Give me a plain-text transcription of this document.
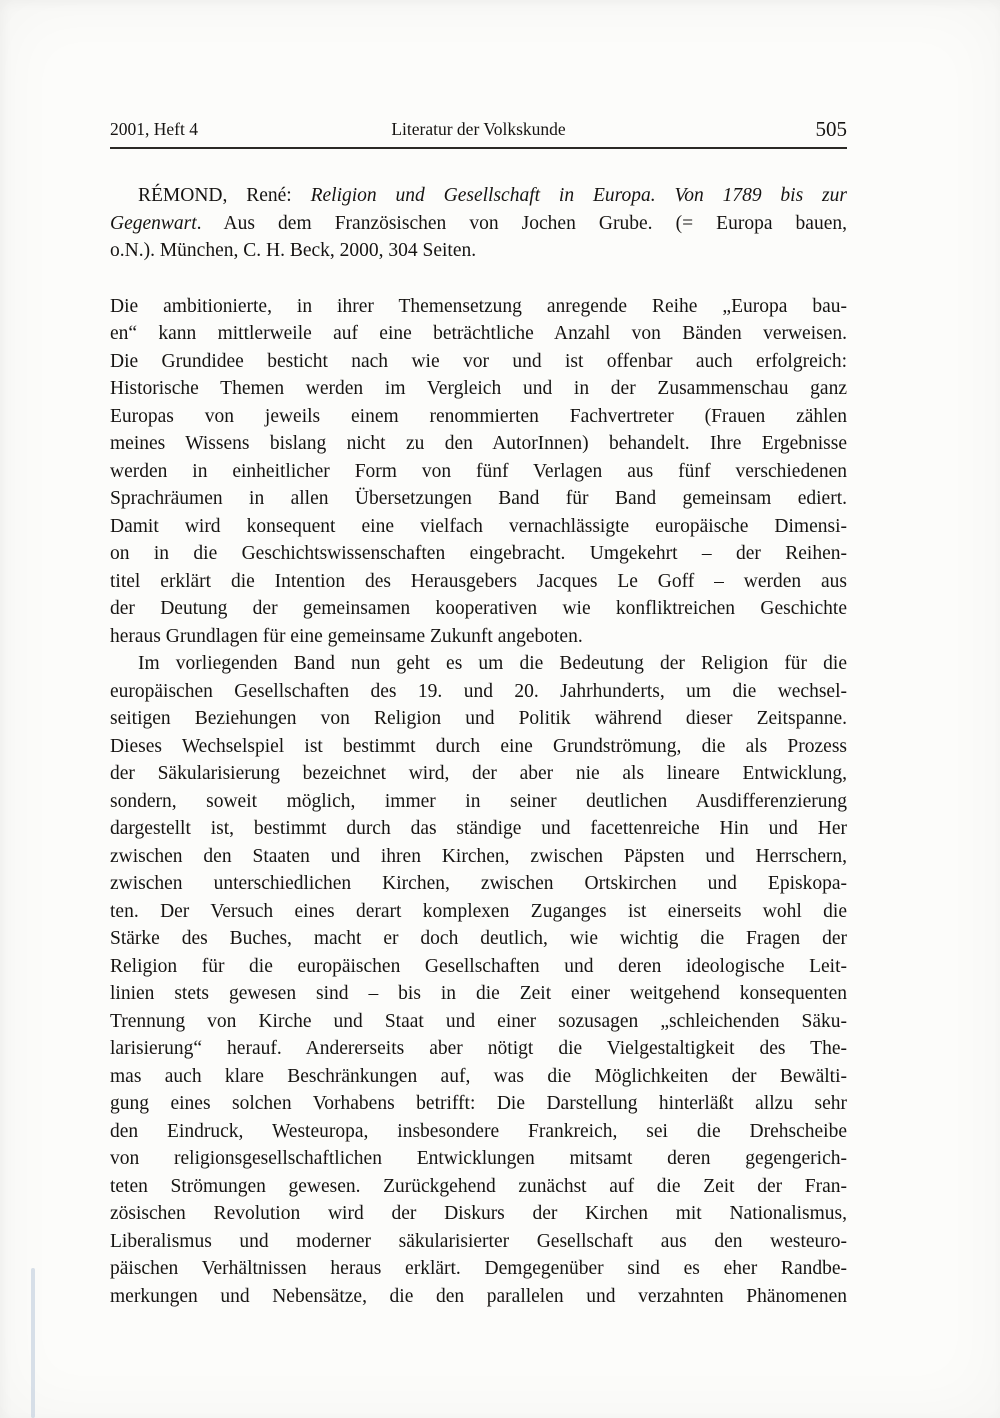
2001, Heft 4	Literatur der Volkskunde	505
RÉMOND, René: Religion und Gesellschaft in Europa. Von 1789 bis zur
Gegenwart. Aus dem Französischen von Jochen Grube. (= Europa bauen,
o.N.). München, C. H. Beck, 2000, 304 Seiten.
Die ambitionierte, in ihrer Themensetzung anregende Reihe „Europa bau-
en“ kann mittlerweile auf eine beträchtliche Anzahl von Bänden verweisen.
Die Grundidee besticht nach wie vor und ist offenbar auch erfolgreich:
Historische Themen werden im Vergleich und in der Zusammenschau ganz
Europas von jeweils einem renommierten Fachvertreter (Frauen zählen
meines Wissens bislang nicht zu den AutorInnen) behandelt. Ihre Ergebnisse
werden in einheitlicher Form von fünf Verlagen aus fünf verschiedenen
Sprachräumen in allen Übersetzungen Band für Band gemeinsam ediert.
Damit wird konsequent eine vielfach vernachlässigte europäische Dimensi-
on in die Geschichtswissenschaften eingebracht. Umgekehrt – der Reihen-
titel erklärt die Intention des Herausgebers Jacques Le Goff – werden aus
der Deutung der gemeinsamen kooperativen wie konfliktreichen Geschichte
heraus Grundlagen für eine gemeinsame Zukunft angeboten.
Im vorliegenden Band nun geht es um die Bedeutung der Religion für die
europäischen Gesellschaften des 19. und 20. Jahrhunderts, um die wechsel-
seitigen Beziehungen von Religion und Politik während dieser Zeitspanne.
Dieses Wechselspiel ist bestimmt durch eine Grundströmung, die als Prozess
der Säkularisierung bezeichnet wird, der aber nie als lineare Entwicklung,
sondern, soweit möglich, immer in seiner deutlichen Ausdifferenzierung
dargestellt ist, bestimmt durch das ständige und facettenreiche Hin und Her
zwischen den Staaten und ihren Kirchen, zwischen Päpsten und Herrschern,
zwischen unterschiedlichen Kirchen, zwischen Ortskirchen und Episkopa-
ten. Der Versuch eines derart komplexen Zuganges ist einerseits wohl die
Stärke des Buches, macht er doch deutlich, wie wichtig die Fragen der
Religion für die europäischen Gesellschaften und deren ideologische Leit-
linien stets gewesen sind – bis in die Zeit einer weitgehend konsequenten
Trennung von Kirche und Staat und einer sozusagen „schleichenden Säku-
larisierung“ herauf. Andererseits aber nötigt die Vielgestaltigkeit des The-
mas auch klare Beschränkungen auf, was die Möglichkeiten der Bewälti-
gung eines solchen Vorhabens betrifft: Die Darstellung hinterläßt allzu sehr
den Eindruck, Westeuropa, insbesondere Frankreich, sei die Drehscheibe
von religionsgesellschaftlichen Entwicklungen mitsamt deren gegengerich-
teten Strömungen gewesen. Zurückgehend zunächst auf die Zeit der Fran-
zösischen Revolution wird der Diskurs der Kirchen mit Nationalismus,
Liberalismus und moderner säkularisierter Gesellschaft aus den westeuro-
päischen Verhältnissen heraus erklärt. Demgegenüber sind es eher Randbe-
merkungen und Nebensätze, die den parallelen und verzahnten Phänomenen
